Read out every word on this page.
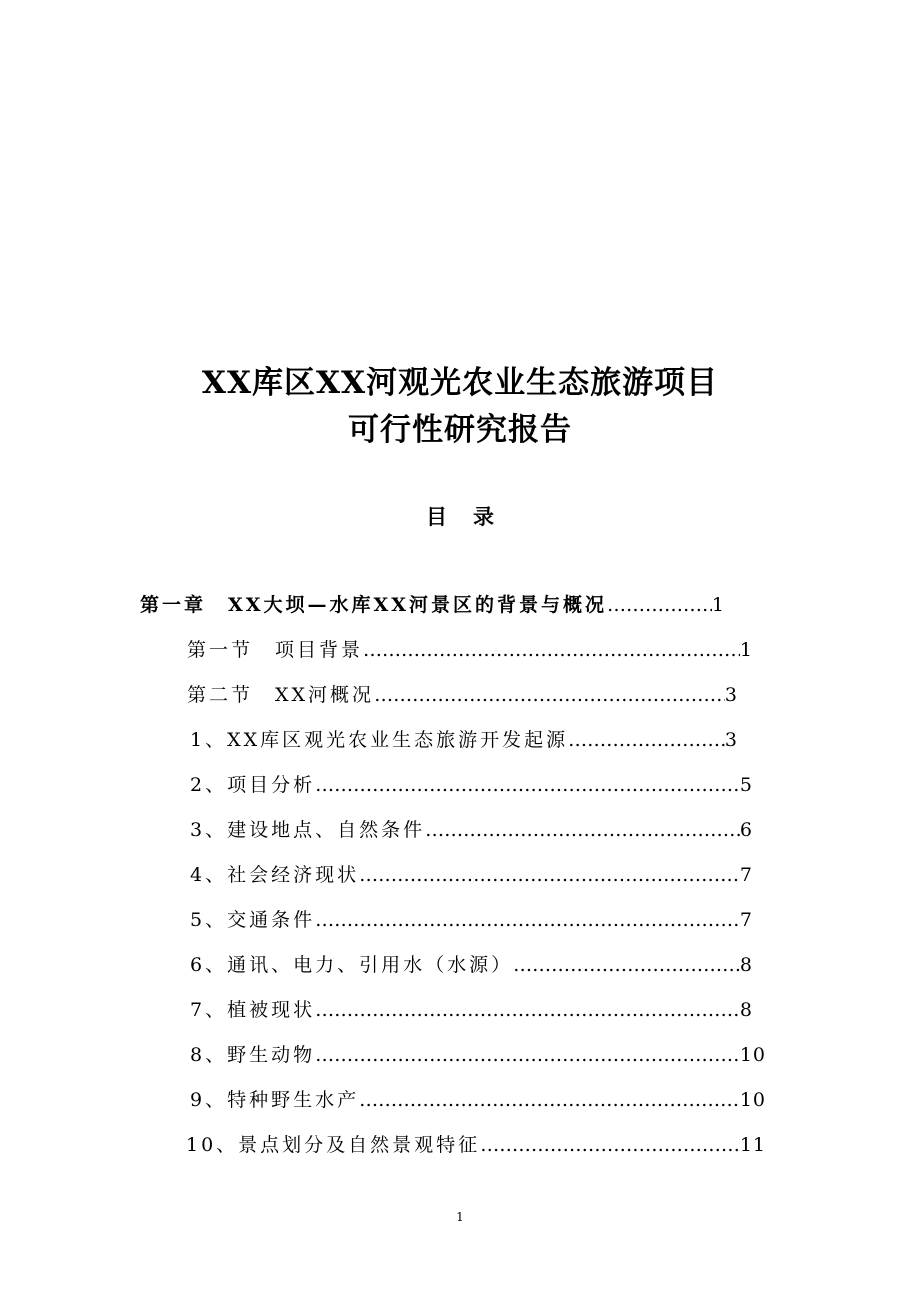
XX库区XX河观光农业生态旅游项目
可行性研究报告
目录
第一章　XX大坝—水库XX河景区的背景与概况 ……………………………………………………………………………………………………………………………	1
第一节　项目背景 ……………………………………………………………………………………………………………………………	1
第二节　XX河概况 ……………………………………………………………………………………………………………………………	3
1、XX库区观光农业生态旅游开发起源 ……………………………………………………………………………………………………………………………	3
2、项目分析 ……………………………………………………………………………………………………………………………	5
3、建设地点、自然条件 ……………………………………………………………………………………………………………………………	6
4、社会经济现状 ……………………………………………………………………………………………………………………………	7
5、交通条件 ……………………………………………………………………………………………………………………………	7
6、通讯、电力、引用水（水源） ……………………………………………………………………………………………………………………………	8
7、植被现状 ……………………………………………………………………………………………………………………………	8
8、野生动物 ……………………………………………………………………………………………………………………………	10
9、特种野生水产 ……………………………………………………………………………………………………………………………	10
10、景点划分及自然景观特征 ……………………………………………………………………………………………………………………………	11
1
